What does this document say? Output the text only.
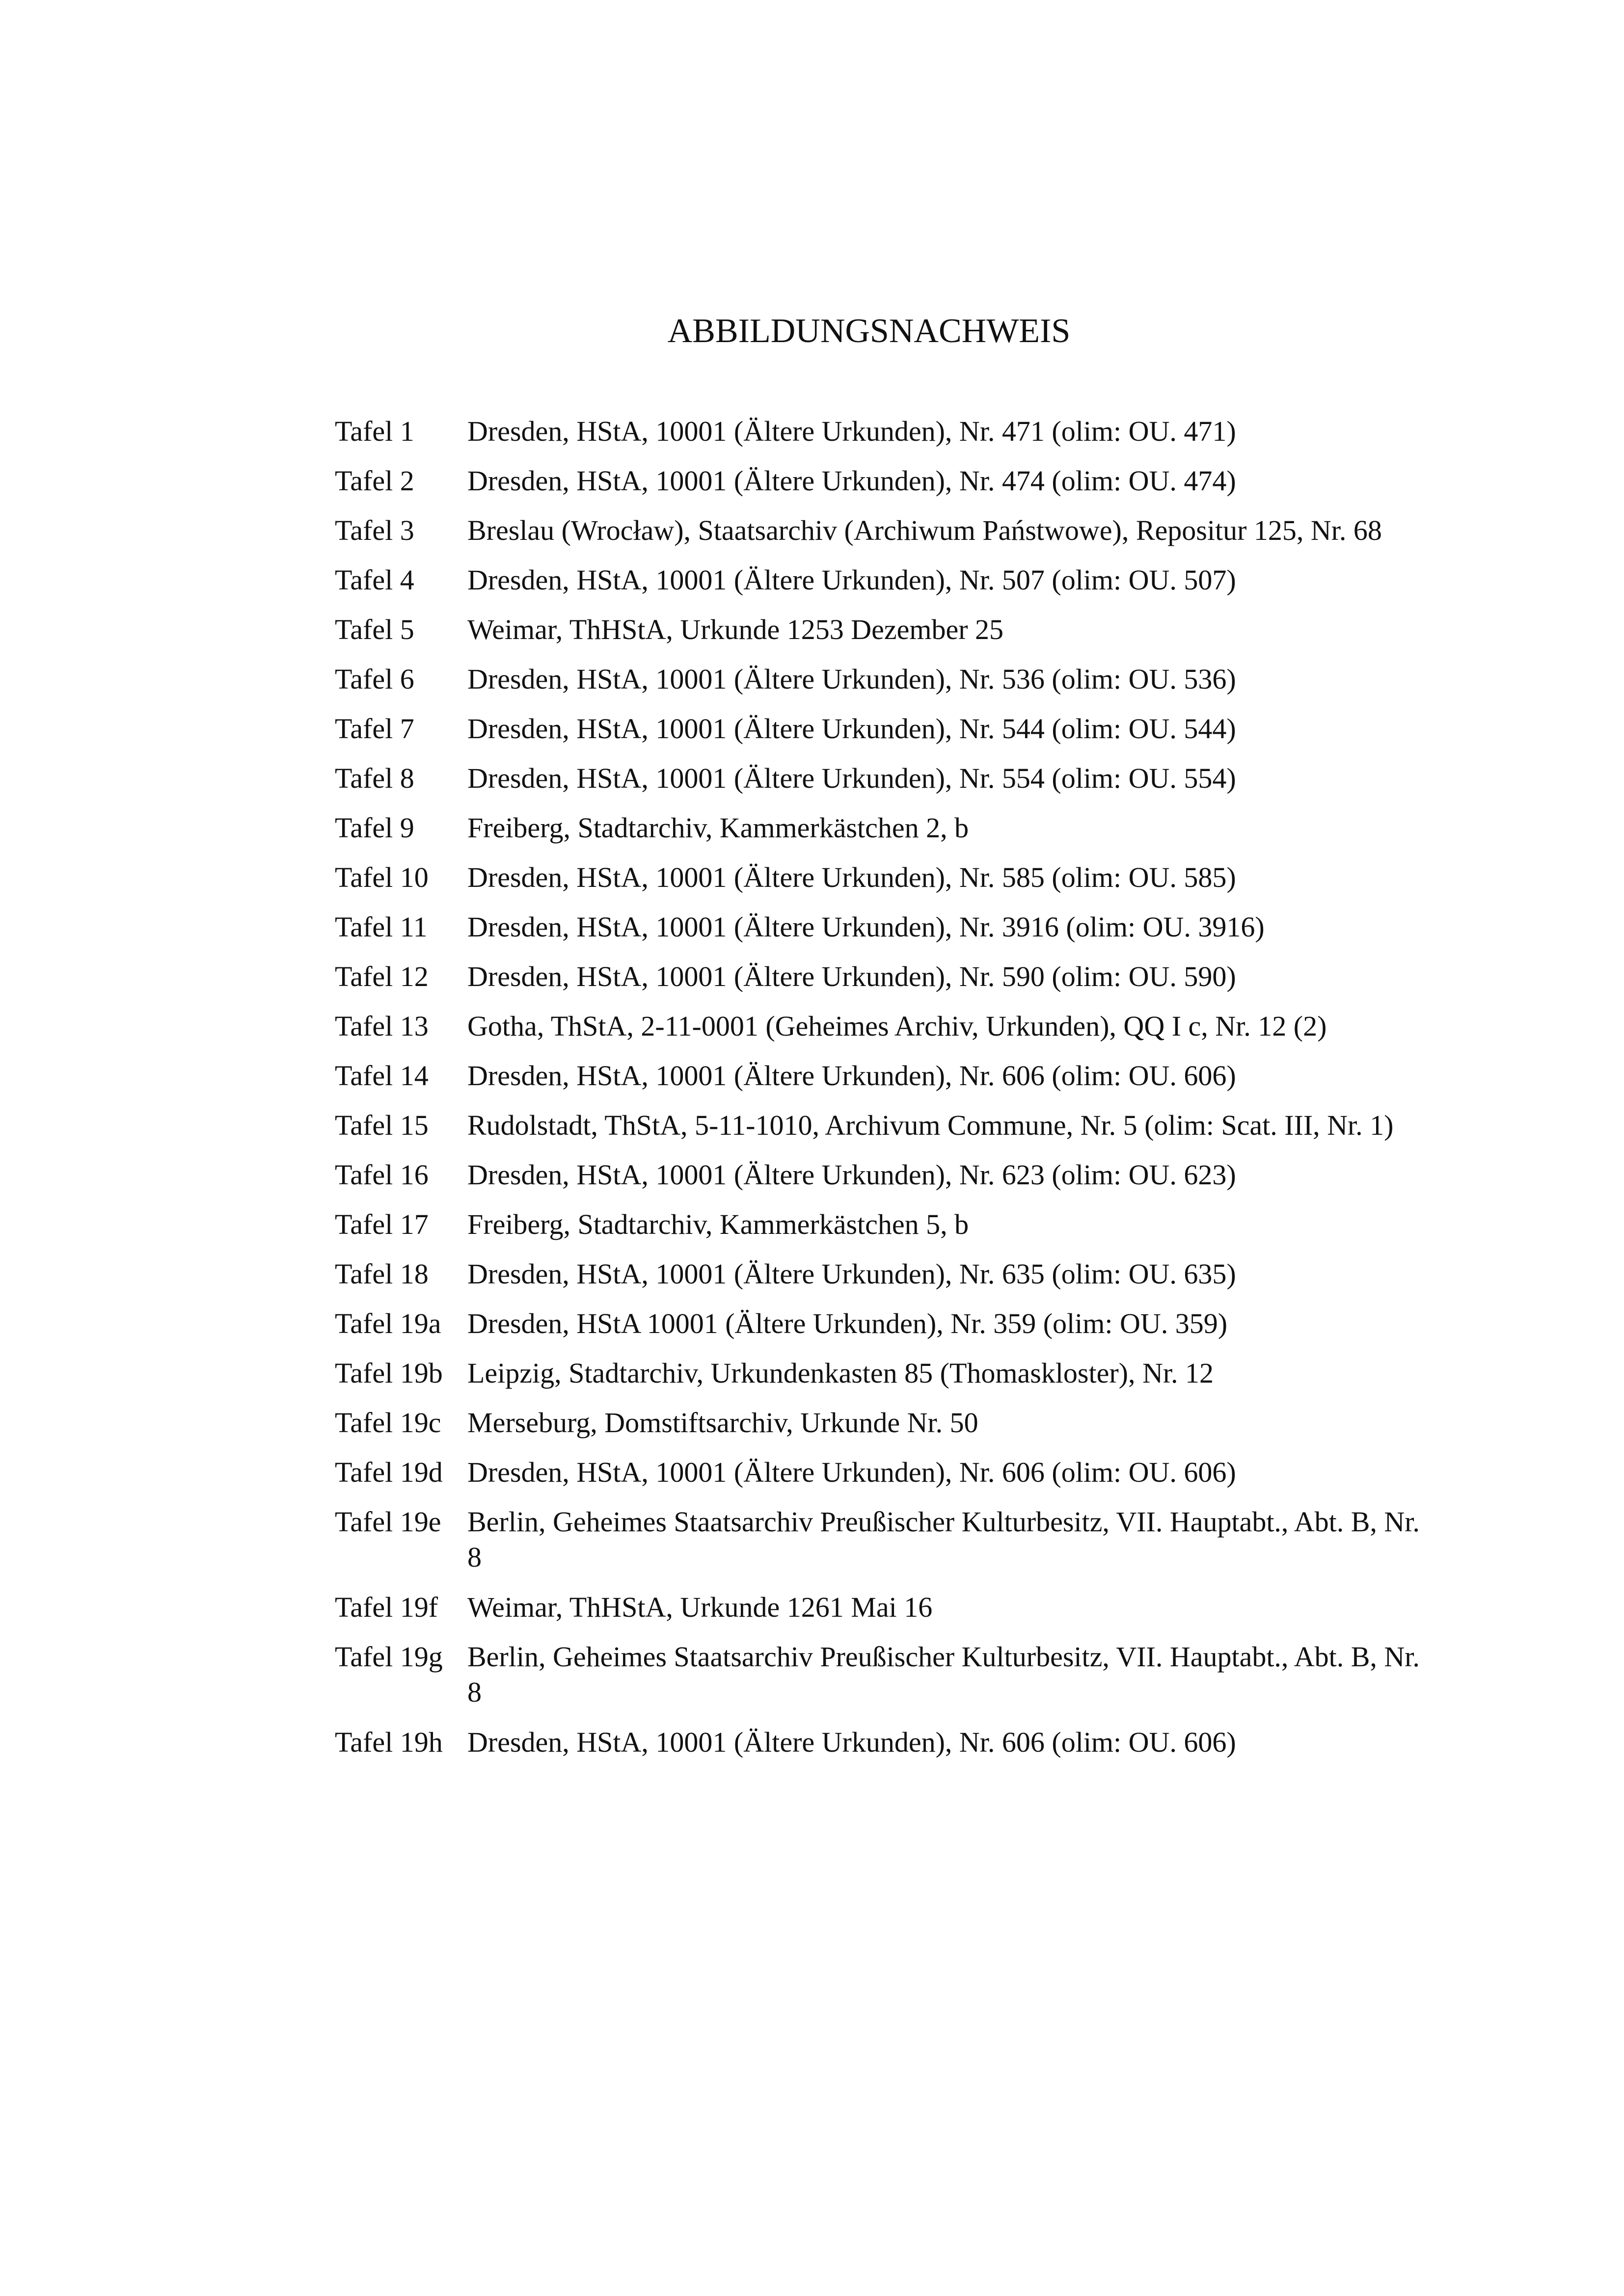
ABBILDUNGSNACHWEIS
Tafel 1	Dresden, HStA, 10001 (Ältere Urkunden), Nr. 471 (olim: OU. 471)
Tafel 2	Dresden, HStA, 10001 (Ältere Urkunden), Nr. 474 (olim: OU. 474)
Tafel 3	Breslau (Wrocław), Staatsarchiv (Archiwum Państwowe), Repositur 125, Nr. 68
Tafel 4	Dresden, HStA, 10001 (Ältere Urkunden), Nr. 507 (olim: OU. 507)
Tafel 5	Weimar, ThHStA, Urkunde 1253 Dezember 25
Tafel 6	Dresden, HStA, 10001 (Ältere Urkunden), Nr. 536 (olim: OU. 536)
Tafel 7	Dresden, HStA, 10001 (Ältere Urkunden), Nr. 544 (olim: OU. 544)
Tafel 8	Dresden, HStA, 10001 (Ältere Urkunden), Nr. 554 (olim: OU. 554)
Tafel 9	Freiberg, Stadtarchiv, Kammerkästchen 2, b
Tafel 10	Dresden, HStA, 10001 (Ältere Urkunden), Nr. 585 (olim: OU. 585)
Tafel 11	Dresden, HStA, 10001 (Ältere Urkunden), Nr. 3916 (olim: OU. 3916)
Tafel 12	Dresden, HStA, 10001 (Ältere Urkunden), Nr. 590 (olim: OU. 590)
Tafel 13	Gotha, ThStA, 2-11-0001 (Geheimes Archiv, Urkunden), QQ I c, Nr. 12 (2)
Tafel 14	Dresden, HStA, 10001 (Ältere Urkunden), Nr. 606 (olim: OU. 606)
Tafel 15	Rudolstadt, ThStA, 5-11-1010, Archivum Commune, Nr. 5 (olim: Scat. III, Nr. 1)
Tafel 16	Dresden, HStA, 10001 (Ältere Urkunden), Nr. 623 (olim: OU. 623)
Tafel 17	Freiberg, Stadtarchiv, Kammerkästchen 5, b
Tafel 18	Dresden, HStA, 10001 (Ältere Urkunden), Nr. 635 (olim: OU. 635)
Tafel 19a Dresden, HStA 10001 (Ältere Urkunden), Nr. 359 (olim: OU. 359)
Tafel 19b Leipzig, Stadtarchiv, Urkundenkasten 85 (Thomaskloster), Nr. 12
Tafel 19c Merseburg, Domstiftsarchiv, Urkunde Nr. 50
Tafel 19d Dresden, HStA, 10001 (Ältere Urkunden), Nr. 606 (olim: OU. 606)
Tafel 19e Berlin, Geheimes Staatsarchiv Preußischer Kulturbesitz, VII. Hauptabt., Abt. B, Nr. 8
Tafel 19f	Weimar, ThHStA, Urkunde 1261 Mai 16
Tafel 19g Berlin, Geheimes Staatsarchiv Preußischer Kulturbesitz, VII. Hauptabt., Abt. B, Nr. 8
Tafel 19h Dresden, HStA, 10001 (Ältere Urkunden), Nr. 606 (olim: OU. 606)
